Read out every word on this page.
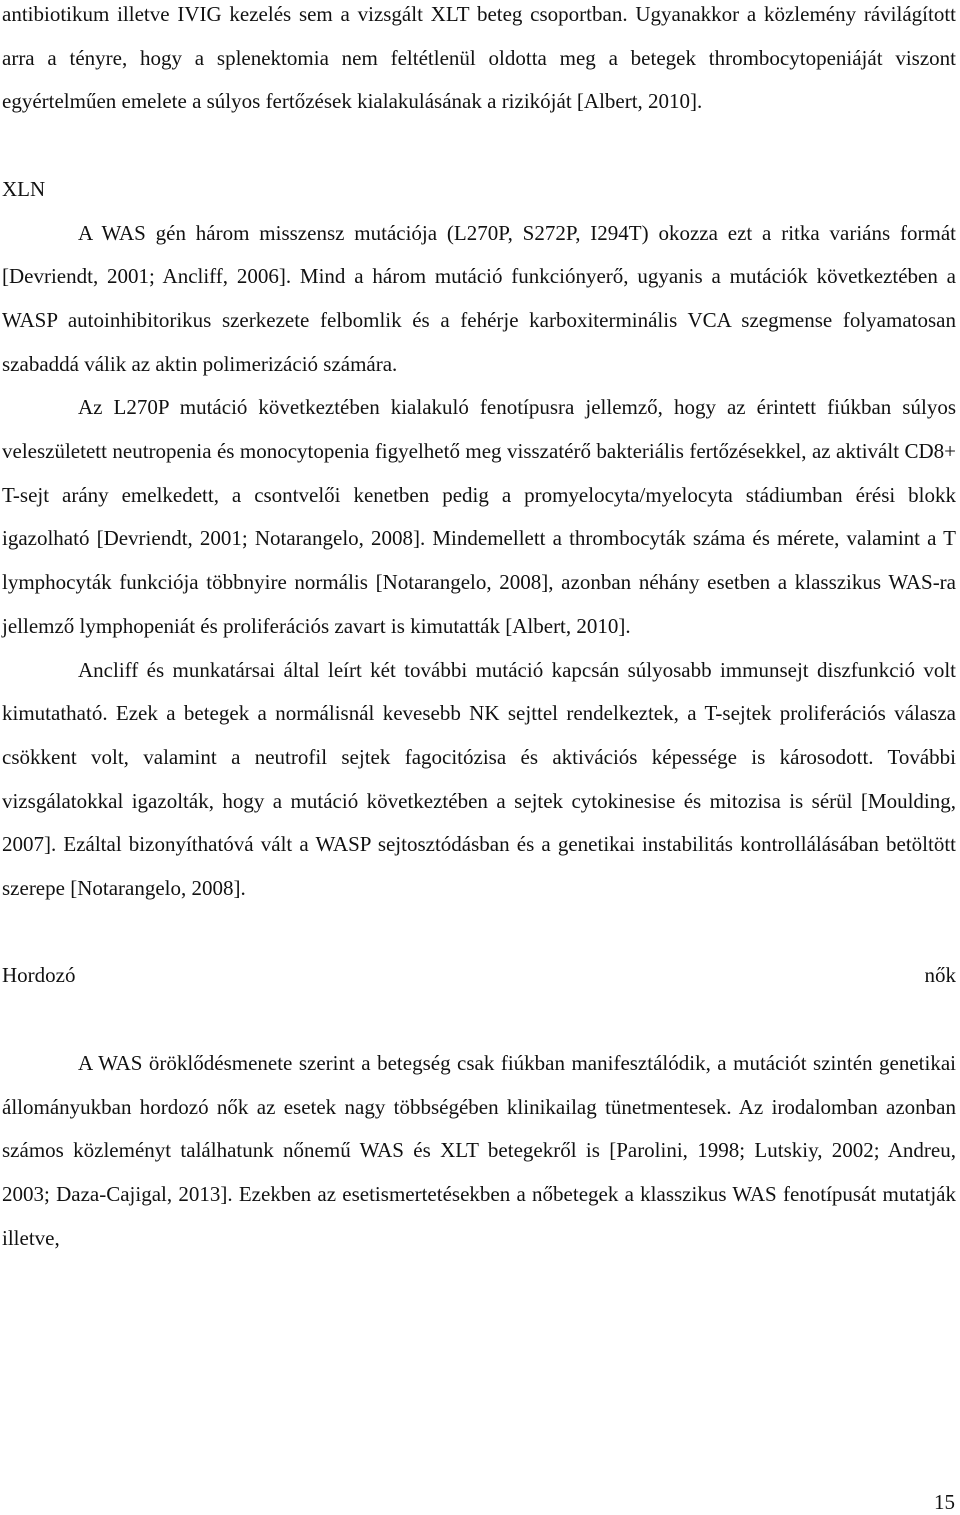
antibiotikum illetve IVIG kezelés sem a vizsgált XLT beteg csoportban. Ugyanakkor a közlemény rávilágított arra a tényre, hogy a splenektomia nem feltétlenül oldotta meg a betegek thrombocytopeniáját viszont egyértelműen emelete a súlyos fertőzések kialakulásának a rizikóját [Albert, 2010].

XLN

A WAS gén három misszensz mutációja (L270P, S272P, I294T) okozza ezt a ritka variáns formát [Devriendt, 2001; Ancliff, 2006]. Mind a három mutáció funkciónyerő, ugyanis a mutációk következtében a WASP autoinhibitorikus szerkezete felbomlik és a fehérje karboxiterminális VCA szegmense folyamatosan szabaddá válik az aktin polimerizáció számára.

Az L270P mutáció következtében kialakuló fenotípusra jellemző, hogy az érintett fiúkban súlyos veleszületett neutropenia és monocytopenia figyelhető meg visszatérő bakteriális fertőzésekkel, az aktivált CD8+ T-sejt arány emelkedett, a csontvelői kenetben pedig a promyelocyta/myelocyta stádiumban érési blokk igazolható [Devriendt, 2001; Notarangelo, 2008]. Mindemellett a thrombocyták száma és mérete, valamint a T lymphocyták funkciója többnyire normális [Notarangelo, 2008], azonban néhány esetben a klasszikus WAS-ra jellemző lymphopeniát és proliferációs zavart is kimutatták [Albert, 2010].

Ancliff és munkatársai által leírt két további mutáció kapcsán súlyosabb immunsejt diszfunkció volt kimutatható. Ezek a betegek a normálisnál kevesebb NK sejttel rendelkeztek, a T-sejtek proliferációs válasza csökkent volt, valamint a neutrofil sejtek fagocitózisa és aktivációs képessége is károsodott. További vizsgálatokkal igazolták, hogy a mutáció következtében a sejtek cytokinesise és mitozisa is sérül [Moulding, 2007]. Ezáltal bizonyíthatóvá vált a WASP sejtosztódásban és a genetikai instabilitás kontrollálásában betöltött szerepe [Notarangelo, 2008].

Hordozó nők

A WAS öröklődésmenete szerint a betegség csak fiúkban manifesztálódik, a mutációt szintén genetikai állományukban hordozó nők az esetek nagy többségében klinikailag tünetmentesek. Az irodalomban azonban számos közleményt találhatunk nőnemű WAS és XLT betegekről is [Parolini, 1998; Lutskiy, 2002; Andreu, 2003; Daza-Cajigal, 2013]. Ezekben az esetismertetésekben a nőbetegek a klasszikus WAS fenotípusát mutatják illetve,

15
